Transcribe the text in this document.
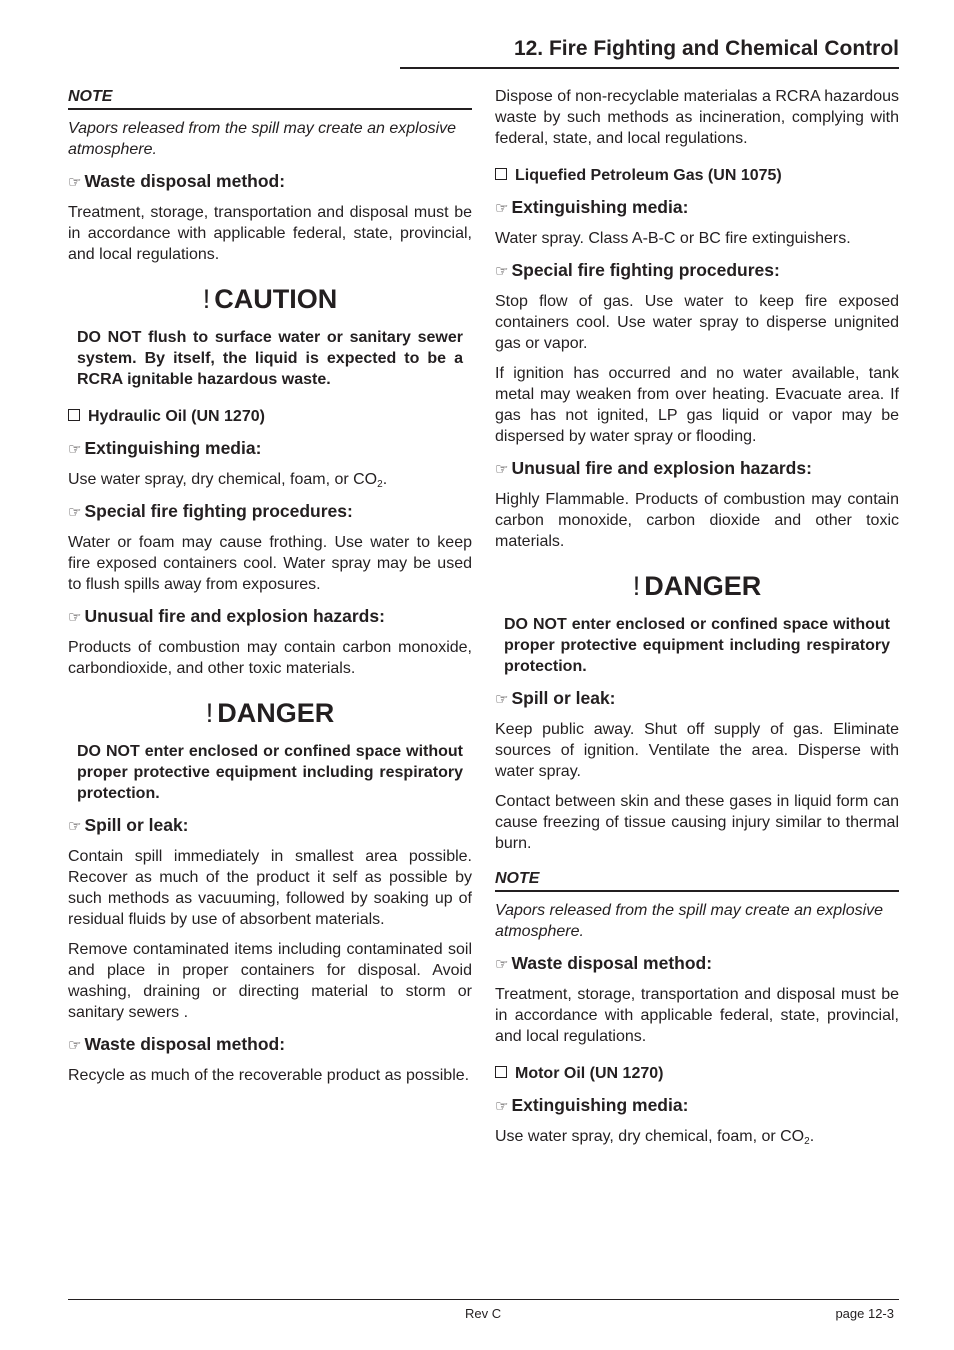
12. Fire Fighting and Chemical Control
NOTE
Vapors released from the spill may create an explosive atmosphere.
☞ Waste disposal method:
Treatment, storage, transportation and disposal must be in accordance with applicable federal, state, provincial, and local regulations.
! CAUTION
DO NOT flush to surface water or sanitary sewer system. By itself, the liquid is expected to be a RCRA ignitable hazardous waste.
Hydraulic Oil (UN 1270)
☞ Extinguishing media:
Use water spray, dry chemical, foam, or $CO_2$.
☞ Special fire fighting procedures:
Water or foam may cause frothing. Use water to keep fire exposed containers cool. Water spray may be used to flush spills away from exposures.
☞ Unusual fire and explosion hazards:
Products of combustion may contain carbon monoxide, carbondioxide, and other toxic materials.
! DANGER
DO NOT enter enclosed or confined space without proper protective equipment including respiratory protection.
☞ Spill or leak:
Contain spill immediately in smallest area possible. Recover as much of the product it self as possible by such methods as vacuuming, followed by soaking up of residual fluids by use of absorbent materials.
Remove contaminated items including contaminated soil and place in proper containers for disposal. Avoid washing, draining or directing material to storm or sanitary sewers .
☞ Waste disposal method:
Recycle as much of the recoverable product as possible.
Dispose of non-recyclable materialas a RCRA hazardous waste by such methods as incineration, complying with federal, state, and local regulations.
Liquefied Petroleum Gas (UN 1075)
☞ Extinguishing media:
Water spray. Class A-B-C or BC fire extinguishers.
☞ Special fire fighting procedures:
Stop flow of gas. Use water to keep fire exposed containers cool. Use water spray to disperse unignited gas or vapor.
If ignition has occurred and no water available, tank metal may weaken from over heating. Evacuate area. If gas has not ignited, LP gas liquid or vapor may be dispersed by water spray or flooding.
☞ Unusual fire and explosion hazards:
Highly Flammable. Products of combustion may contain carbon monoxide, carbon dioxide and other toxic materials.
! DANGER
DO NOT enter enclosed or confined space without proper protective equipment including respiratory protection.
☞ Spill or leak:
Keep public away. Shut off supply of gas. Eliminate sources of ignition. Ventilate the area. Disperse with water spray.
Contact between skin and these gases in liquid form can cause freezing of tissue causing injury similar to thermal burn.
NOTE
Vapors released from the spill may create an explosive atmosphere.
☞ Waste disposal method:
Treatment, storage, transportation and disposal must be in accordance with applicable federal, state, provincial, and local regulations.
Motor Oil (UN 1270)
☞ Extinguishing media:
Use water spray, dry chemical, foam, or $CO_2$.
Rev C	page 12-3
